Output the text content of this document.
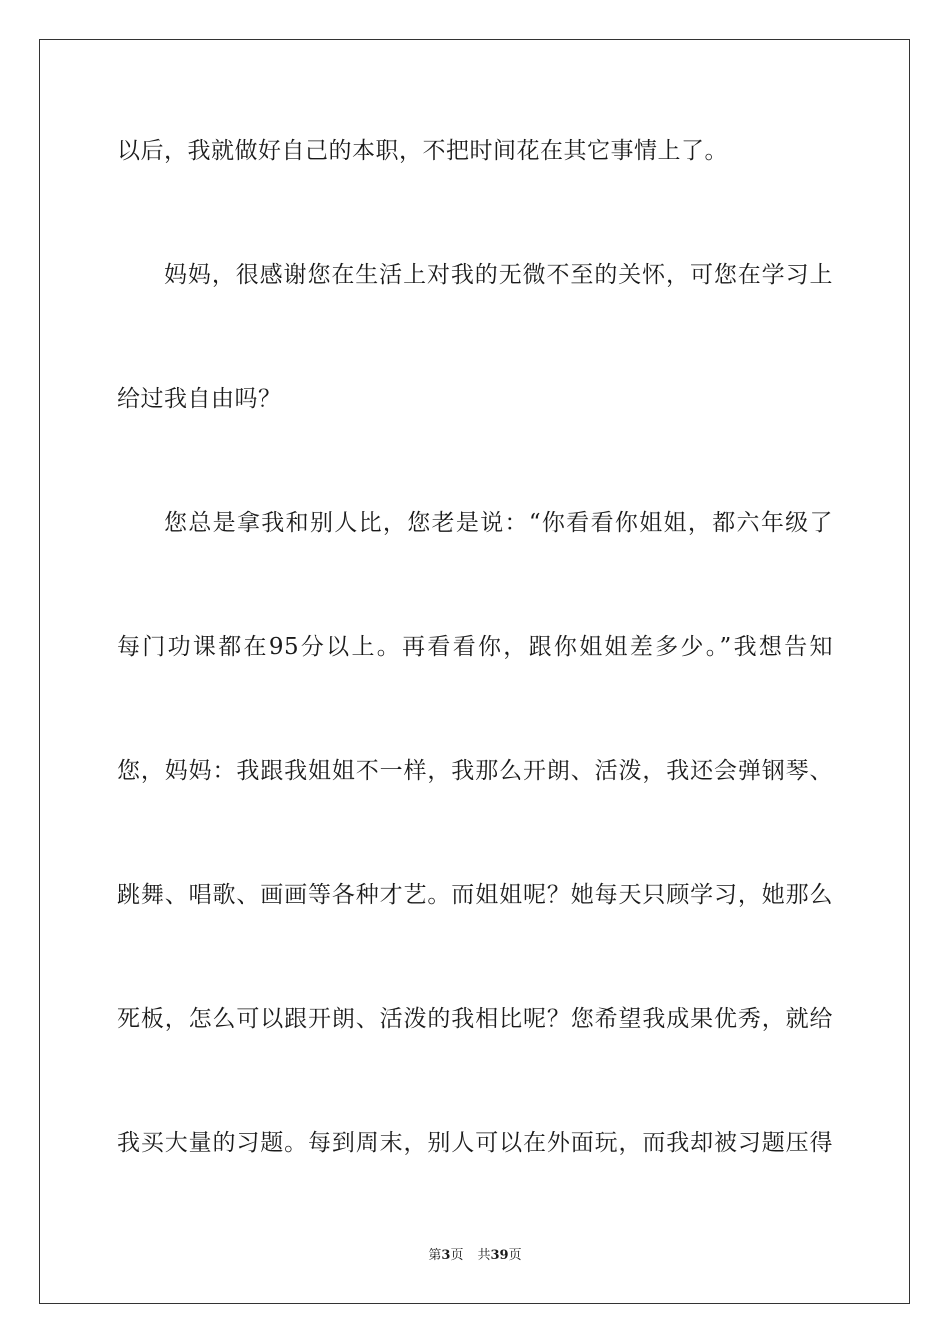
以后，我就做好自己的本职，不把时间花在其它事情上了。
妈妈，很感谢您在生活上对我的无微不至的关怀，可您在学习上
给过我自由吗？
您总是拿我和别人比，您老是说：“你看看你姐姐，都六年级了
每门功课都在95分以上。再看看你，跟你姐姐差多少。”我想告知
您，妈妈：我跟我姐姐不一样，我那么开朗、活泼，我还会弹钢琴、
跳舞、唱歌、画画等各种才艺。而姐姐呢？她每天只顾学习，她那么
死板，怎么可以跟开朗、活泼的我相比呢？您希望我成果优秀，就给
我买大量的习题。每到周末，别人可以在外面玩，而我却被习题压得
第3页 共39页
